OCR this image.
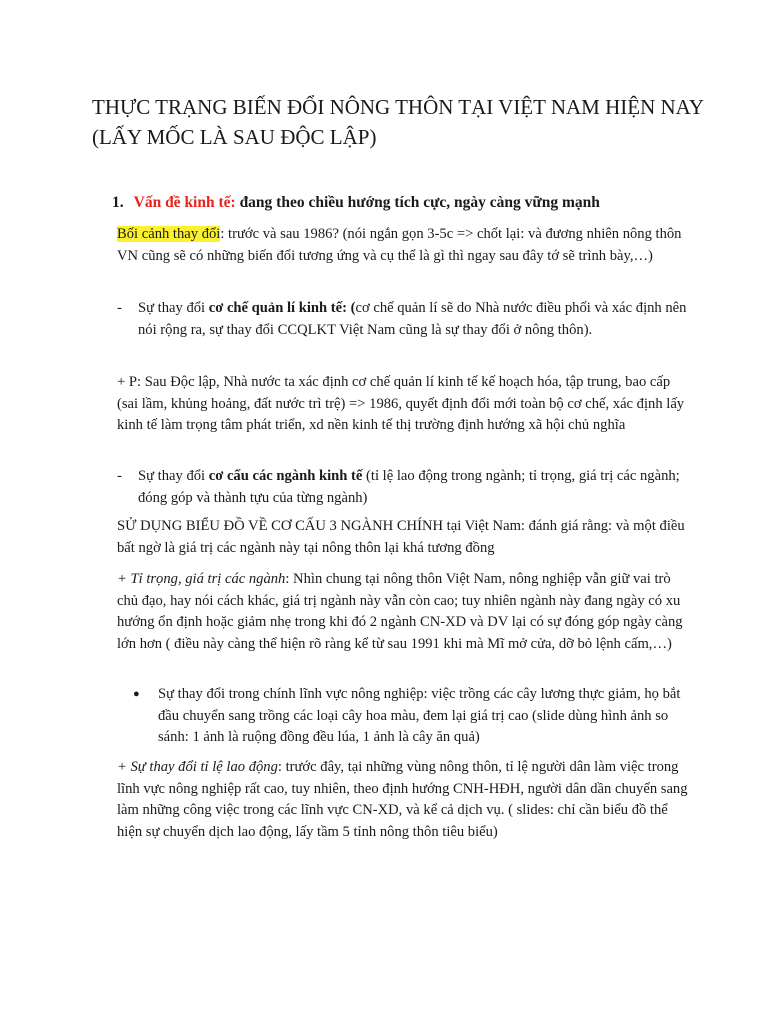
THỰC TRẠNG BIẾN ĐỔI NÔNG THÔN TẠI VIỆT NAM HIỆN NAY (LẤY MỐC LÀ SAU ĐỘC LẬP)
1. Vấn đề kinh tế: đang theo chiều hướng tích cực, ngày càng vững mạnh
Bối cảnh thay đổi: trước và sau 1986? (nói ngắn gọn 3-5c => chốt lại: và đương nhiên nông thôn VN cũng sẽ có những biến đổi tương ứng và cụ thể là gì thì ngay sau đây tớ sẽ trình bày,…)
- Sự thay đổi cơ chế quản lí kinh tế: (cơ chế quản lí sẽ do Nhà nước điều phối và xác định nên nói rộng ra, sự thay đổi CCQLKT Việt Nam cũng là sự thay đổi ở nông thôn).
+ P: Sau Độc lập, Nhà nước ta xác định cơ chế quản lí kinh tế kế hoạch hóa, tập trung, bao cấp (sai lầm, khủng hoảng, đất nước trì trệ) => 1986, quyết định đổi mới toàn bộ cơ chế, xác định lấy kinh tế làm trọng tâm phát triển, xd nền kinh tế thị trường định hướng xã hội chủ nghĩa
- Sự thay đổi cơ cấu các ngành kinh tế (tỉ lệ lao động trong ngành; tỉ trọng, giá trị các ngành; đóng góp và thành tựu của từng ngành)
SỬ DỤNG BIỂU ĐỒ VỀ CƠ CẤU 3 NGÀNH CHÍNH tại Việt Nam: đánh giá rằng: và một điều bất ngờ là giá trị các ngành này tại nông thôn lại khá tương đồng
+ Tỉ trọng, giá trị các ngành: Nhìn chung tại nông thôn Việt Nam, nông nghiệp vẫn giữ vai trò chủ đạo, hay nói cách khác, giá trị ngành này vẫn còn cao; tuy nhiên ngành này đang ngày có xu hướng ổn định hoặc giảm nhẹ trong khi đó 2 ngành CN-XD và DV lại có sự đóng góp ngày càng lớn hơn ( điều này càng thể hiện rõ ràng kể từ sau 1991 khi mà Mĩ mở cửa, dỡ bỏ lệnh cấm,…)
● Sự thay đổi trong chính lĩnh vực nông nghiệp: việc trồng các cây lương thực giảm, họ bắt đầu chuyển sang trồng các loại cây hoa màu, đem lại giá trị cao (slide dùng hình ảnh so sánh: 1 ảnh là ruộng đồng đều lúa, 1 ảnh là cây ăn quả)
+ Sự thay đổi tỉ lệ lao động: trước đây, tại những vùng nông thôn, tỉ lệ người dân làm việc trong lĩnh vực nông nghiệp rất cao, tuy nhiên, theo định hướng CNH-HĐH, người dân dần chuyển sang làm những công việc trong các lĩnh vực CN-XD, và kể cả dịch vụ. ( slides: chỉ cần biểu đồ thể hiện sự chuyển dịch lao động, lấy tầm 5 tỉnh nông thôn tiêu biểu)
